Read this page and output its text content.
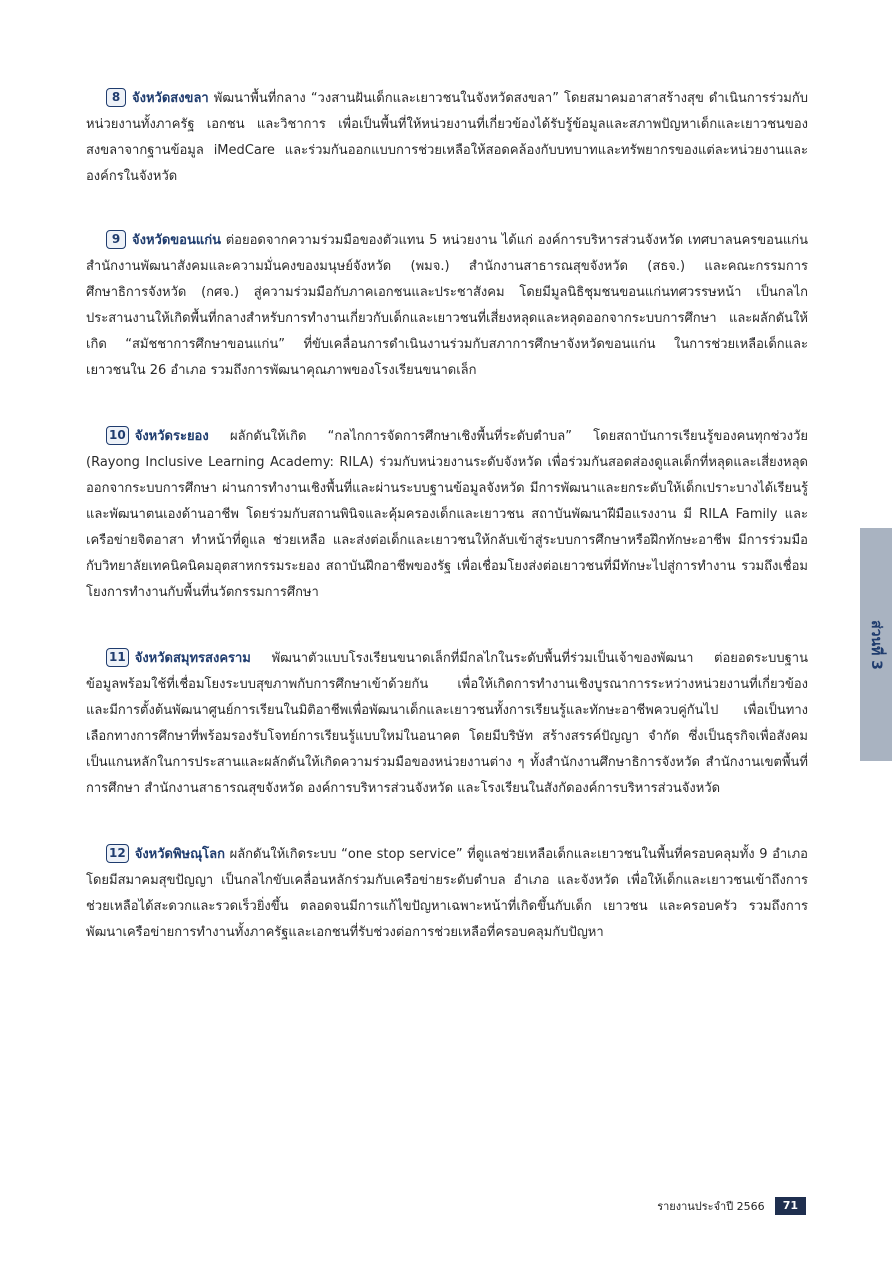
8 จังหวัดสงขลา พัฒนาพื้นที่กลาง “วงสานฝันเด็กและเยาวชนในจังหวัดสงขลา” โดยสมาคมอาสาสร้างสุข ดำเนินการร่วมกับหน่วยงานทั้งภาครัฐ เอกชน และวิชาการ เพื่อเป็นพื้นที่ให้หน่วยงานที่เกี่ยวข้องได้รับรู้ข้อมูลและสภาพปัญหาเด็กและเยาวชนของสงขลาจากฐานข้อมูล iMedCare และร่วมกันออกแบบการช่วยเหลือให้สอดคล้องกับบทบาทและทรัพยากรของแต่ละหน่วยงานและองค์กรในจังหวัด

9 จังหวัดขอนแก่น ต่อยอดจากความร่วมมือของตัวแทน 5 หน่วยงาน ได้แก่ องค์การบริหารส่วนจังหวัด เทศบาลนครขอนแก่น สำนักงานพัฒนาสังคมและความมั่นคงของมนุษย์จังหวัด (พมจ.) สำนักงานสาธารณสุขจังหวัด (สธจ.) และคณะกรรมการศึกษาธิการจังหวัด (กศจ.) สู่ความร่วมมือกับภาคเอกชนและประชาสังคม โดยมีมูลนิธิชุมชนขอนแก่นทศวรรษหน้า เป็นกลไกประสานงานให้เกิดพื้นที่กลางสำหรับการทำงานเกี่ยวกับเด็กและเยาวชนที่เสี่ยงหลุดและหลุดออกจากระบบการศึกษา และผลักดันให้เกิด “สมัชชาการศึกษาขอนแก่น” ที่ขับเคลื่อนการดำเนินงานร่วมกับสภาการศึกษาจังหวัดขอนแก่น ในการช่วยเหลือเด็กและเยาวชนใน 26 อำเภอ รวมถึงการพัฒนาคุณภาพของโรงเรียนขนาดเล็ก

10 จังหวัดระยอง ผลักดันให้เกิด “กลไกการจัดการศึกษาเชิงพื้นที่ระดับตำบล” โดยสถาบันการเรียนรู้ของคนทุกช่วงวัย (Rayong Inclusive Learning Academy: RILA) ร่วมกับหน่วยงานระดับจังหวัด เพื่อร่วมกันสอดส่องดูแลเด็กที่หลุดและเสี่ยงหลุดออกจากระบบการศึกษา ผ่านการทำงานเชิงพื้นที่และผ่านระบบฐานข้อมูลจังหวัด มีการพัฒนาและยกระดับให้เด็กเปราะบางได้เรียนรู้และพัฒนาตนเองด้านอาชีพ โดยร่วมกับสถานพินิจและคุ้มครองเด็กและเยาวชน สถาบันพัฒนาฝีมือแรงงาน มี RILA Family และเครือข่ายจิตอาสา ทำหน้าที่ดูแล ช่วยเหลือ และส่งต่อเด็กและเยาวชนให้กลับเข้าสู่ระบบการศึกษาหรือฝึกทักษะอาชีพ มีการร่วมมือกับวิทยาลัยเทคนิคนิคมอุตสาหกรรมระยอง สถาบันฝึกอาชีพของรัฐ เพื่อเชื่อมโยงส่งต่อเยาวชนที่มีทักษะไปสู่การทำงาน รวมถึงเชื่อมโยงการทำงานกับพื้นที่นวัตกรรมการศึกษา

11 จังหวัดสมุทรสงคราม พัฒนาตัวแบบโรงเรียนขนาดเล็กที่มีกลไกในระดับพื้นที่ร่วมเป็นเจ้าของพัฒนา ต่อยอดระบบฐานข้อมูลพร้อมใช้ที่เชื่อมโยงระบบสุขภาพกับการศึกษาเข้าด้วยกัน เพื่อให้เกิดการทำงานเชิงบูรณาการระหว่างหน่วยงานที่เกี่ยวข้อง และมีการตั้งต้นพัฒนาศูนย์การเรียนในมิติอาชีพเพื่อพัฒนาเด็กและเยาวชนทั้งการเรียนรู้และทักษะอาชีพควบคู่กันไป เพื่อเป็นทางเลือกทางการศึกษาที่พร้อมรองรับโจทย์การเรียนรู้แบบใหม่ในอนาคต โดยมีบริษัท สร้างสรรค์ปัญญา จำกัด ซึ่งเป็นธุรกิจเพื่อสังคมเป็นแกนหลักในการประสานและผลักดันให้เกิดความร่วมมือของหน่วยงานต่าง ๆ ทั้งสำนักงานศึกษาธิการจังหวัด สำนักงานเขตพื้นที่การศึกษา สำนักงานสาธารณสุขจังหวัด องค์การบริหารส่วนจังหวัด และโรงเรียนในสังกัดองค์การบริหารส่วนจังหวัด

12 จังหวัดพิษณุโลก ผลักดันให้เกิดระบบ “one stop service” ที่ดูแลช่วยเหลือเด็กและเยาวชนในพื้นที่ครอบคลุมทั้ง 9 อำเภอ โดยมีสมาคมสุขปัญญา เป็นกลไกขับเคลื่อนหลักร่วมกับเครือข่ายระดับตำบล อำเภอ และจังหวัด เพื่อให้เด็กและเยาวชนเข้าถึงการช่วยเหลือได้สะดวกและรวดเร็วยิ่งขึ้น ตลอดจนมีการแก้ไขปัญหาเฉพาะหน้าที่เกิดขึ้นกับเด็ก เยาวชน และครอบครัว รวมถึงการพัฒนาเครือข่ายการทำงานทั้งภาครัฐและเอกชนที่รับช่วงต่อการช่วยเหลือที่ครอบคลุมกับปัญหา

ส่วนที่ 3
รายงานประจำปี 2566	71
